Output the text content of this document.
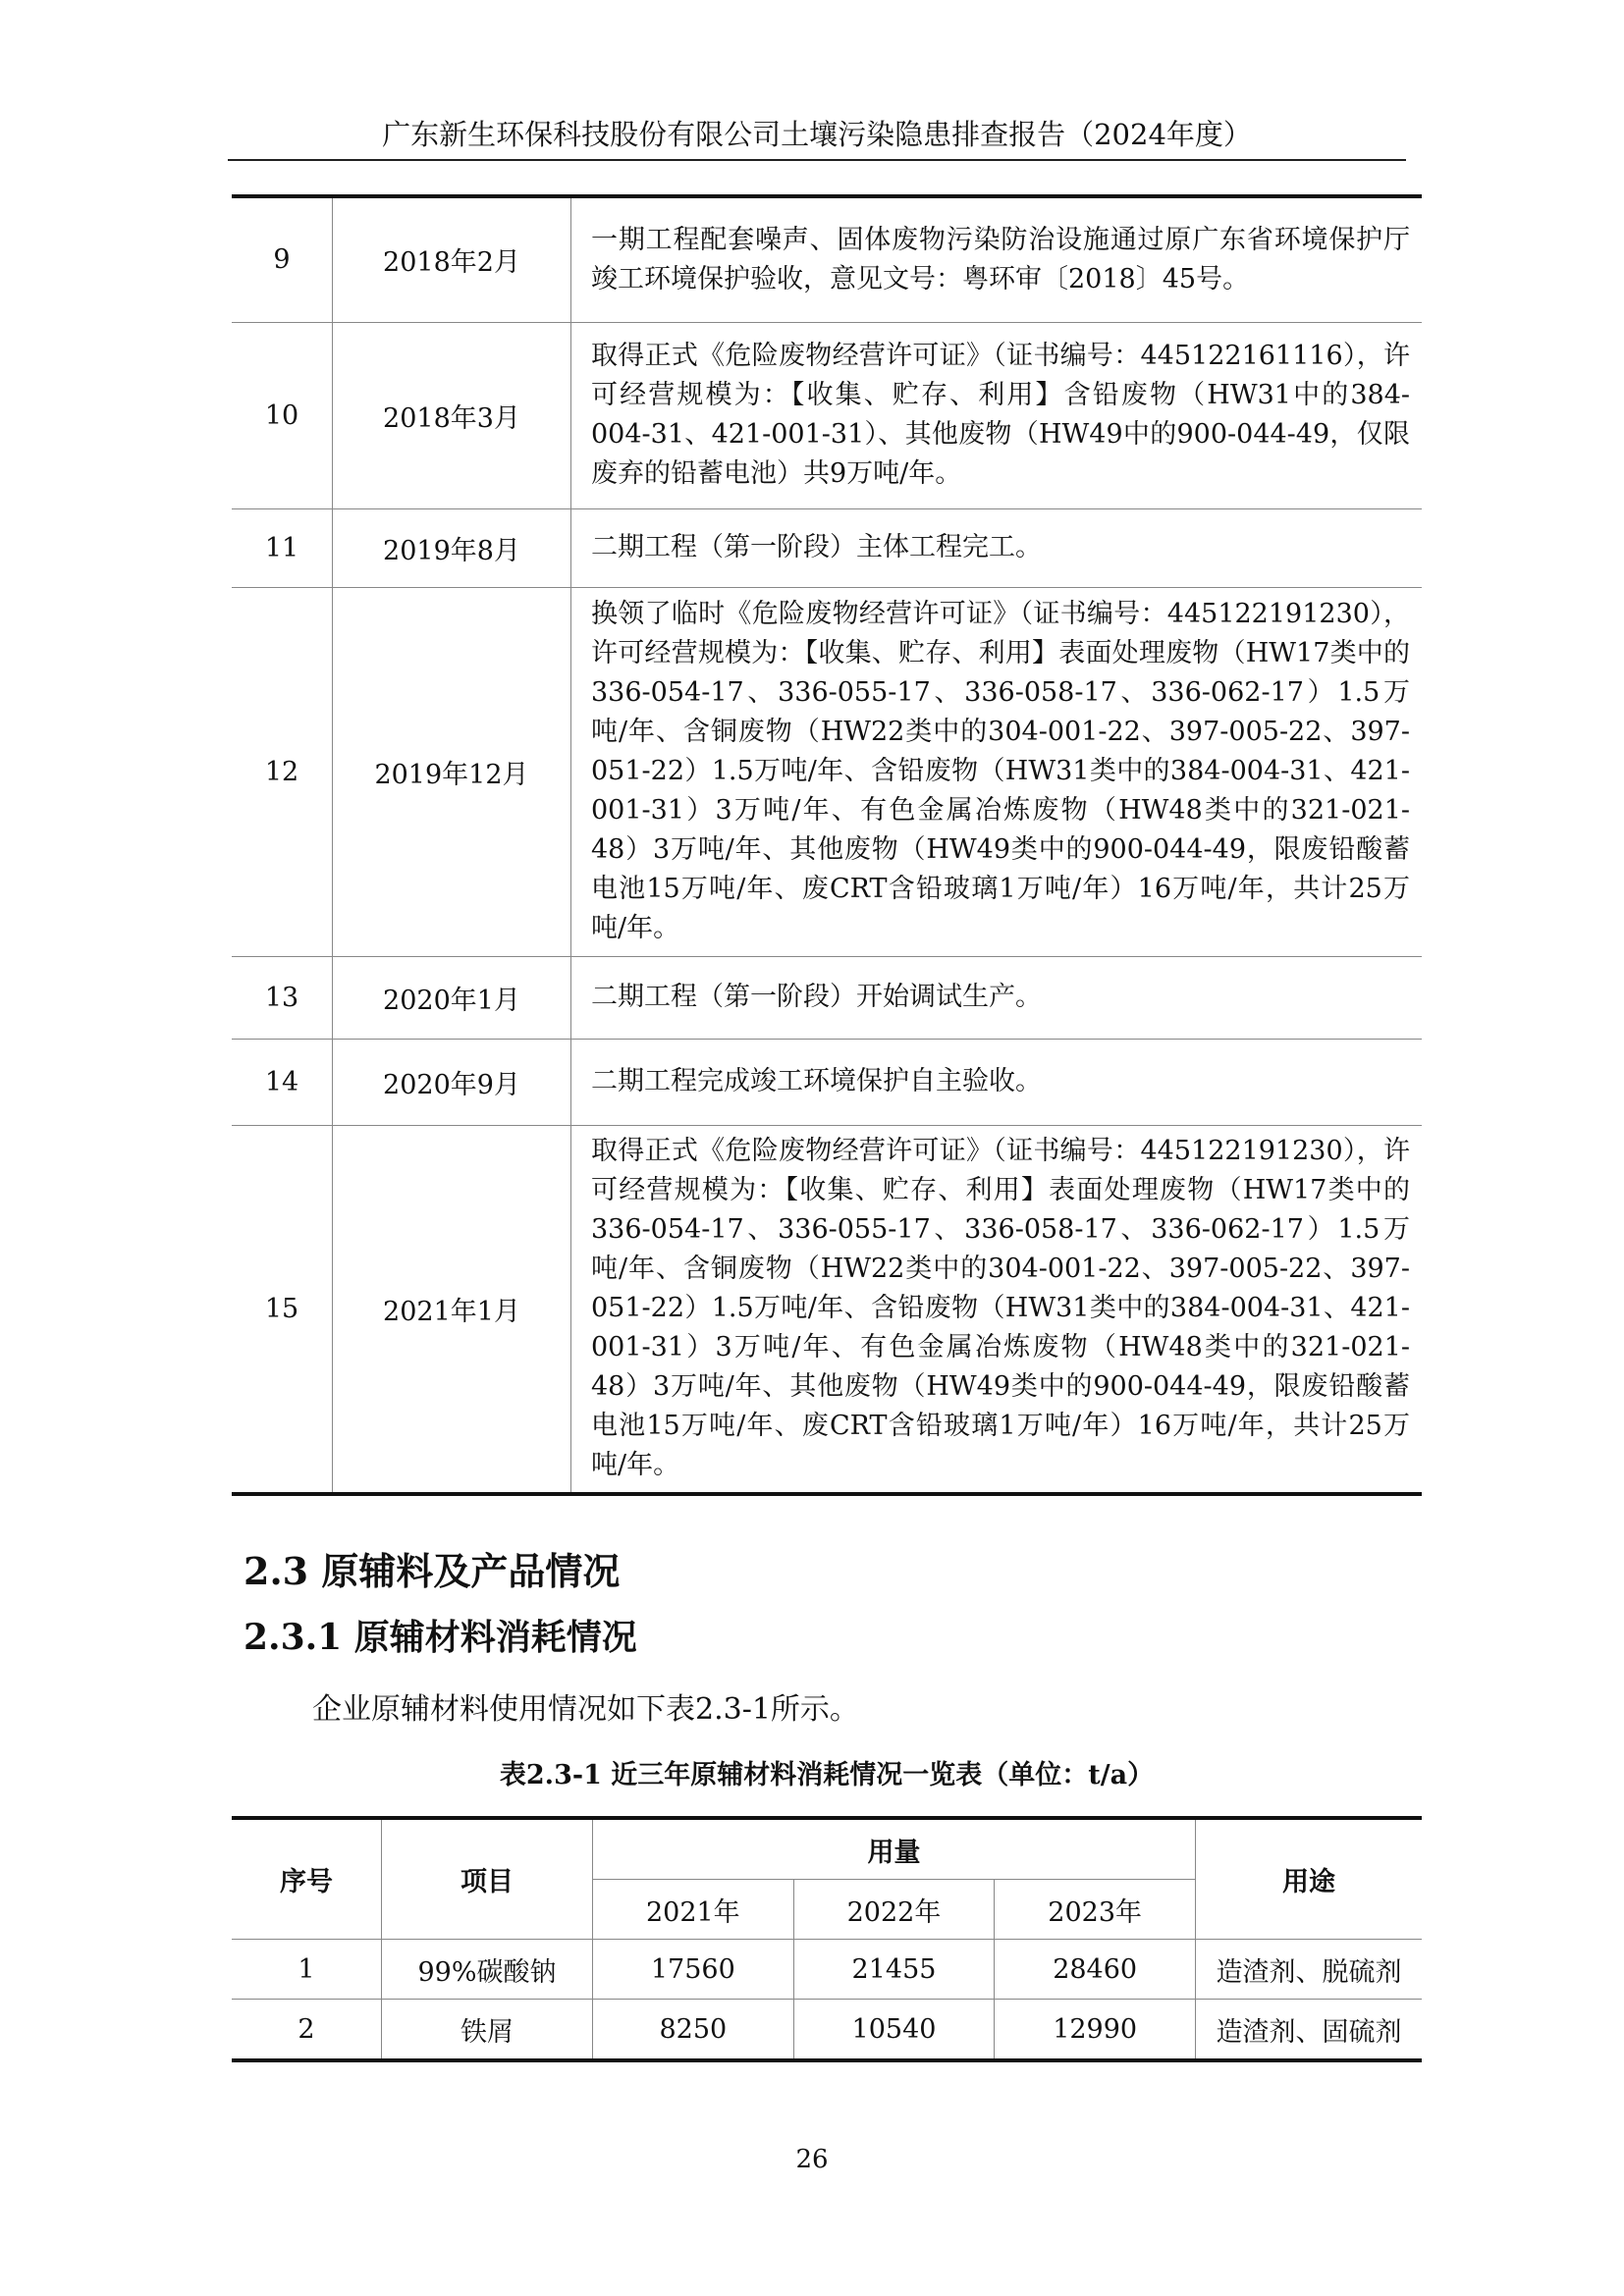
广东新生环保科技股份有限公司土壤污染隐患排查报告（2024年度）
9	2018年2月	一期工程配套噪声、固体废物污染防治设施通过原广东省环境保护厅竣工环境保护验收，意见文号：粤环审〔2018〕45号。
10	2018年3月	取得正式《危险废物经营许可证》（证书编号：445122161116），许可经营规模为：【收集、贮存、利用】含铅废物（HW31中的384-004-31、421-001-31）、其他废物（HW49中的900-044-49，仅限废弃的铅蓄电池）共9万吨/年。
11	2019年8月	二期工程（第一阶段）主体工程完工。
12	2019年12月	换领了临时《危险废物经营许可证》（证书编号：445122191230），许可经营规模为：【收集、贮存、利用】表面处理废物（HW17类中的336-054-17、336-055-17、336-058-17、336-062-17）1.5万吨/年、含铜废物（HW22类中的304-001-22、397-005-22、397-051-22）1.5万吨/年、含铅废物（HW31类中的384-004-31、421-001-31）3万吨/年、有色金属冶炼废物（HW48类中的321-021-48）3万吨/年、其他废物（HW49类中的900-044-49，限废铅酸蓄电池15万吨/年、废CRT含铅玻璃1万吨/年）16万吨/年，共计25万吨/年。
13	2020年1月	二期工程（第一阶段）开始调试生产。
14	2020年9月	二期工程完成竣工环境保护自主验收。
15	2021年1月	取得正式《危险废物经营许可证》（证书编号：445122191230），许可经营规模为：【收集、贮存、利用】表面处理废物（HW17类中的336-054-17、336-055-17、336-058-17、336-062-17）1.5万吨/年、含铜废物（HW22类中的304-001-22、397-005-22、397-051-22）1.5万吨/年、含铅废物（HW31类中的384-004-31、421-001-31）3万吨/年、有色金属冶炼废物（HW48类中的321-021-48）3万吨/年、其他废物（HW49类中的900-044-49，限废铅酸蓄电池15万吨/年、废CRT含铅玻璃1万吨/年）16万吨/年，共计25万吨/年。
2.3 原辅料及产品情况
2.3.1 原辅材料消耗情况
企业原辅材料使用情况如下表2.3-1所示。
表2.3-1 近三年原辅材料消耗情况一览表（单位：t/a）
序号	项目	用量			用途
		2021年	2022年	2023年	
1	99%碳酸钠	17560	21455	28460	造渣剂、脱硫剂
2	铁屑	8250	10540	12990	造渣剂、固硫剂
26
